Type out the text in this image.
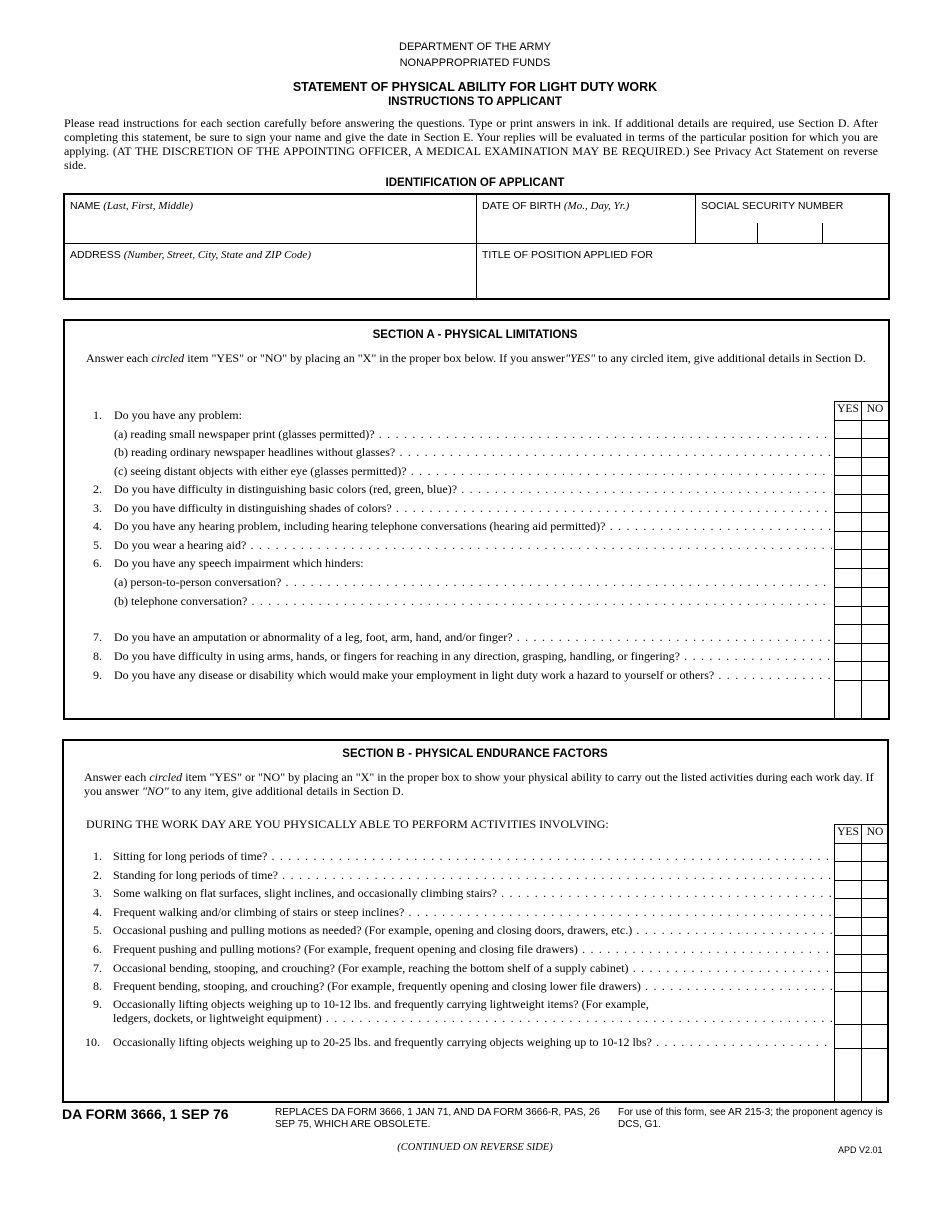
DEPARTMENT OF THE ARMY
NONAPPROPRIATED FUNDS
STATEMENT OF PHYSICAL ABILITY FOR LIGHT DUTY WORK
INSTRUCTIONS TO APPLICANT
Please read instructions for each section carefully before answering the questions. Type or print answers in ink. If additional details are required, use Section D. After completing this statement, be sure to sign your name and give the date in Section E. Your replies will be evaluated in terms of the particular position for which you are applying. (AT THE DISCRETION OF THE APPOINTING OFFICER, A MEDICAL EXAMINATION MAY BE REQUIRED.) See Privacy Act Statement on reverse side.
IDENTIFICATION OF APPLICANT
NAME (Last, First, Middle)	DATE OF BIRTH (Mo., Day, Yr.)	SOCIAL SECURITY NUMBER
ADDRESS (Number, Street, City, State and ZIP Code)	TITLE OF POSITION APPLIED FOR
SECTION A - PHYSICAL LIMITATIONS
Answer each circled item "YES" or "NO" by placing an "X" in the proper box below. If you answer"YES" to any circled item, give additional details in Section D.
YES NO
1. Do you have any problem:
(a) reading small newspaper print (glasses permitted)? . . .
(b) reading ordinary newspaper headlines without glasses? . . .
(c) seeing distant objects with either eye (glasses permitted)? . . .
2. Do you have difficulty in distinguishing basic colors (red, green, blue)? . . .
3. Do you have difficulty in distinguishing shades of colors? . . .
4. Do you have any hearing problem, including hearing telephone conversations (hearing aid permitted)? . . .
5. Do you wear a hearing aid? . . .
6. Do you have any speech impairment which hinders:
(a) person-to-person conversation? . . .
(b) telephone conversation? . . .
7. Do you have an amputation or abnormality of a leg, foot, arm, hand, and/or finger? . . .
8. Do you have difficulty in using arms, hands, or fingers for reaching in any direction, grasping, handling, or fingering? . . .
9. Do you have any disease or disability which would make your employment in light duty work a hazard to yourself or others? . . .
SECTION B - PHYSICAL ENDURANCE FACTORS
Answer each circled item "YES" or "NO" by placing an "X" in the proper box to show your physical ability to carry out the listed activities during each work day. If you answer "NO" to any item, give additional details in Section D.
DURING THE WORK DAY ARE YOU PHYSICALLY ABLE TO PERFORM ACTIVITIES INVOLVING:
YES NO
1. Sitting for long periods of time? . . .
2. Standing for long periods of time? . . .
3. Some walking on flat surfaces, slight inclines, and occasionally climbing stairs? . . .
4. Frequent walking and/or climbing of stairs or steep inclines? . . .
5. Occasional pushing and pulling motions as needed? (For example, opening and closing doors, drawers, etc.) . . .
6. Frequent pushing and pulling motions? (For example, frequent opening and closing file drawers) . . .
7. Occasional bending, stooping, and crouching? (For example, reaching the bottom shelf of a supply cabinet) . . .
8. Frequent bending, stooping, and crouching? (For example, frequently opening and closing lower file drawers) . . .
9. Occasionally lifting objects weighing up to 10-12 lbs. and frequently carrying lightweight items? (For example,
ledgers, dockets, or lightweight equipment) . . .
10. Occasionally lifting objects weighing up to 20-25 lbs. and frequently carrying objects weighing up to 10-12 lbs? . . .
DA FORM 3666, 1 SEP 76	REPLACES DA FORM 3666, 1 JAN 71, AND DA FORM 3666-R, PAS, 26 SEP 75, WHICH ARE OBSOLETE.
For use of this form, see AR 215-3; the proponent agency is DCS, G1.
(CONTINUED ON REVERSE SIDE)	APD V2.01
